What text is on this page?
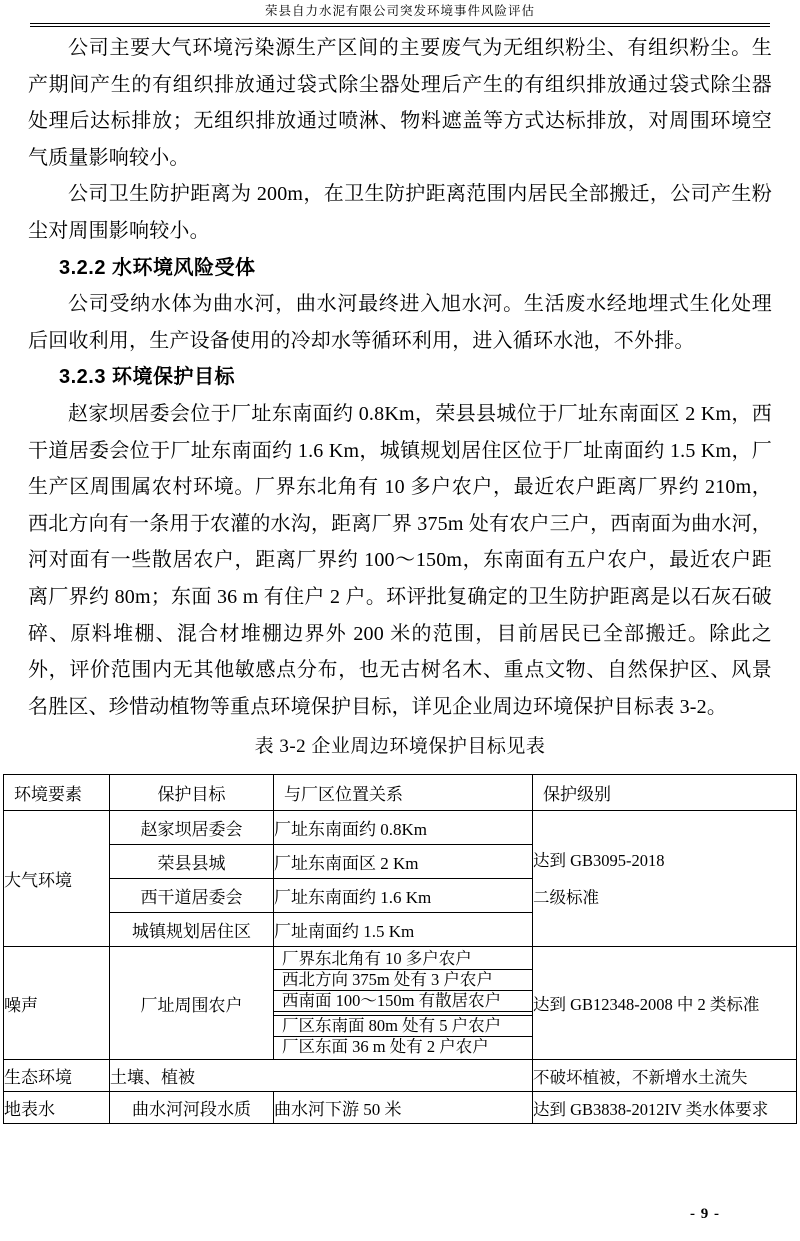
荣县自力水泥有限公司突发环境事件风险评估

公司主要大气环境污染源生产区间的主要废气为无组织粉尘、有组织粉尘。生产期间产生的有组织排放通过袋式除尘器处理后产生的有组织排放通过袋式除尘器处理后达标排放；无组织排放通过喷淋、物料遮盖等方式达标排放，对周围环境空气质量影响较小。

公司卫生防护距离为 200m，在卫生防护距离范围内居民全部搬迁，公司产生粉尘对周围影响较小。

3.2.2 水环境风险受体

公司受纳水体为曲水河，曲水河最终进入旭水河。生活废水经地埋式生化处理后回收利用，生产设备使用的冷却水等循环利用，进入循环水池，不外排。

3.2.3 环境保护目标

赵家坝居委会位于厂址东南面约 0.8Km，荣县县城位于厂址东南面区 2 Km，西干道居委会位于厂址东南面约 1.6 Km，城镇规划居住区位于厂址南面约 1.5 Km，厂生产区周围属农村环境。厂界东北角有 10 多户农户，最近农户距离厂界约 210m，西北方向有一条用于农灌的水沟，距离厂界 375m 处有农户三户，西南面为曲水河，河对面有一些散居农户，距离厂界约 100～150m，东南面有五户农户，最近农户距离厂界约 80m；东面 36 m 有住户 2 户。环评批复确定的卫生防护距离是以石灰石破碎、原料堆棚、混合材堆棚边界外 200 米的范围，目前居民已全部搬迁。除此之外，评价范围内无其他敏感点分布，也无古树名木、重点文物、自然保护区、风景名胜区、珍惜动植物等重点环境保护目标，详见企业周边环境保护目标表 3-2。

表 3-2 企业周边环境保护目标见表

环境要素	保护目标	与厂区位置关系	保护级别
大气环境	赵家坝居委会	厂址东南面约 0.8Km	达到 GB3095-2018
二级标准

	荣县县城	厂址东南面区 2 Km	
	西干道居委会	厂址东南面约 1.6 Km	
	城镇规划居住区	厂址南面约 1.5 Km	
噪声	厂址周围农户	厂界东北角有 10 多户农户
西北方向 375m 处有 3 户农户
西南面 100～150m 有散居农户
厂区东南面 80m 处有 5 户农户
厂区东面 36 m 处有 2 户农户	达到 GB12348-2008 中 2 类标准
生态环境	土壤、植被		不破坏植被，不新增水土流失
地表水	曲水河河段水质	曲水河下游 50 米	达到 GB3838-2012IV 类水体要求
- 9 -
